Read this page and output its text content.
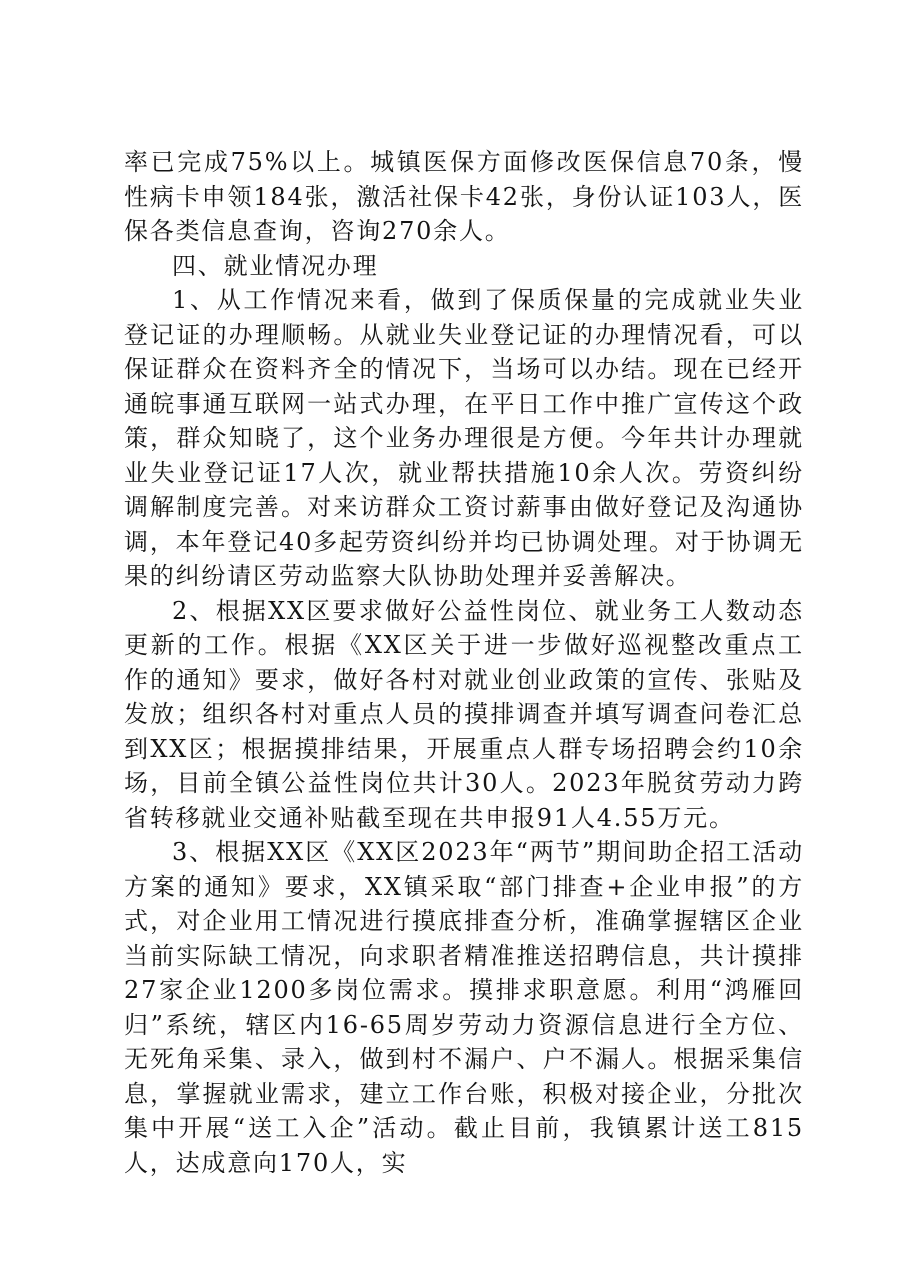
率已完成75%以上。城镇医保方面修改医保信息70条，慢性病卡申领184张，激活社保卡42张，身份认证103人，医保各类信息查询，咨询270余人。

四、就业情况办理

1、从工作情况来看，做到了保质保量的完成就业失业登记证的办理顺畅。从就业失业登记证的办理情况看，可以保证群众在资料齐全的情况下，当场可以办结。现在已经开通皖事通互联网一站式办理，在平日工作中推广宣传这个政策，群众知晓了，这个业务办理很是方便。今年共计办理就业失业登记证17人次，就业帮扶措施10余人次。劳资纠纷调解制度完善。对来访群众工资讨薪事由做好登记及沟通协调，本年登记40多起劳资纠纷并均已协调处理。对于协调无果的纠纷请区劳动监察大队协助处理并妥善解决。

2、根据XX区要求做好公益性岗位、就业务工人数动态更新的工作。根据《XX区关于进一步做好巡视整改重点工作的通知》要求，做好各村对就业创业政策的宣传、张贴及发放；组织各村对重点人员的摸排调查并填写调查问卷汇总到XX区；根据摸排结果，开展重点人群专场招聘会约10余场，目前全镇公益性岗位共计30人。2023年脱贫劳动力跨省转移就业交通补贴截至现在共申报91人4.55万元。

3、根据XX区《XX区2023年“两节”期间助企招工活动方案的通知》要求，XX镇采取“部门排查+企业申报”的方式，对企业用工情况进行摸底排查分析，准确掌握辖区企业当前实际缺工情况，向求职者精准推送招聘信息，共计摸排27家企业1200多岗位需求。摸排求职意愿。利用“鸿雁回归”系统，辖区内16-65周岁劳动力资源信息进行全方位、无死角采集、录入，做到村不漏户、户不漏人。根据采集信息，掌握就业需求，建立工作台账，积极对接企业，分批次集中开展“送工入企”活动。截止目前，我镇累计送工815人，达成意向170人，实
